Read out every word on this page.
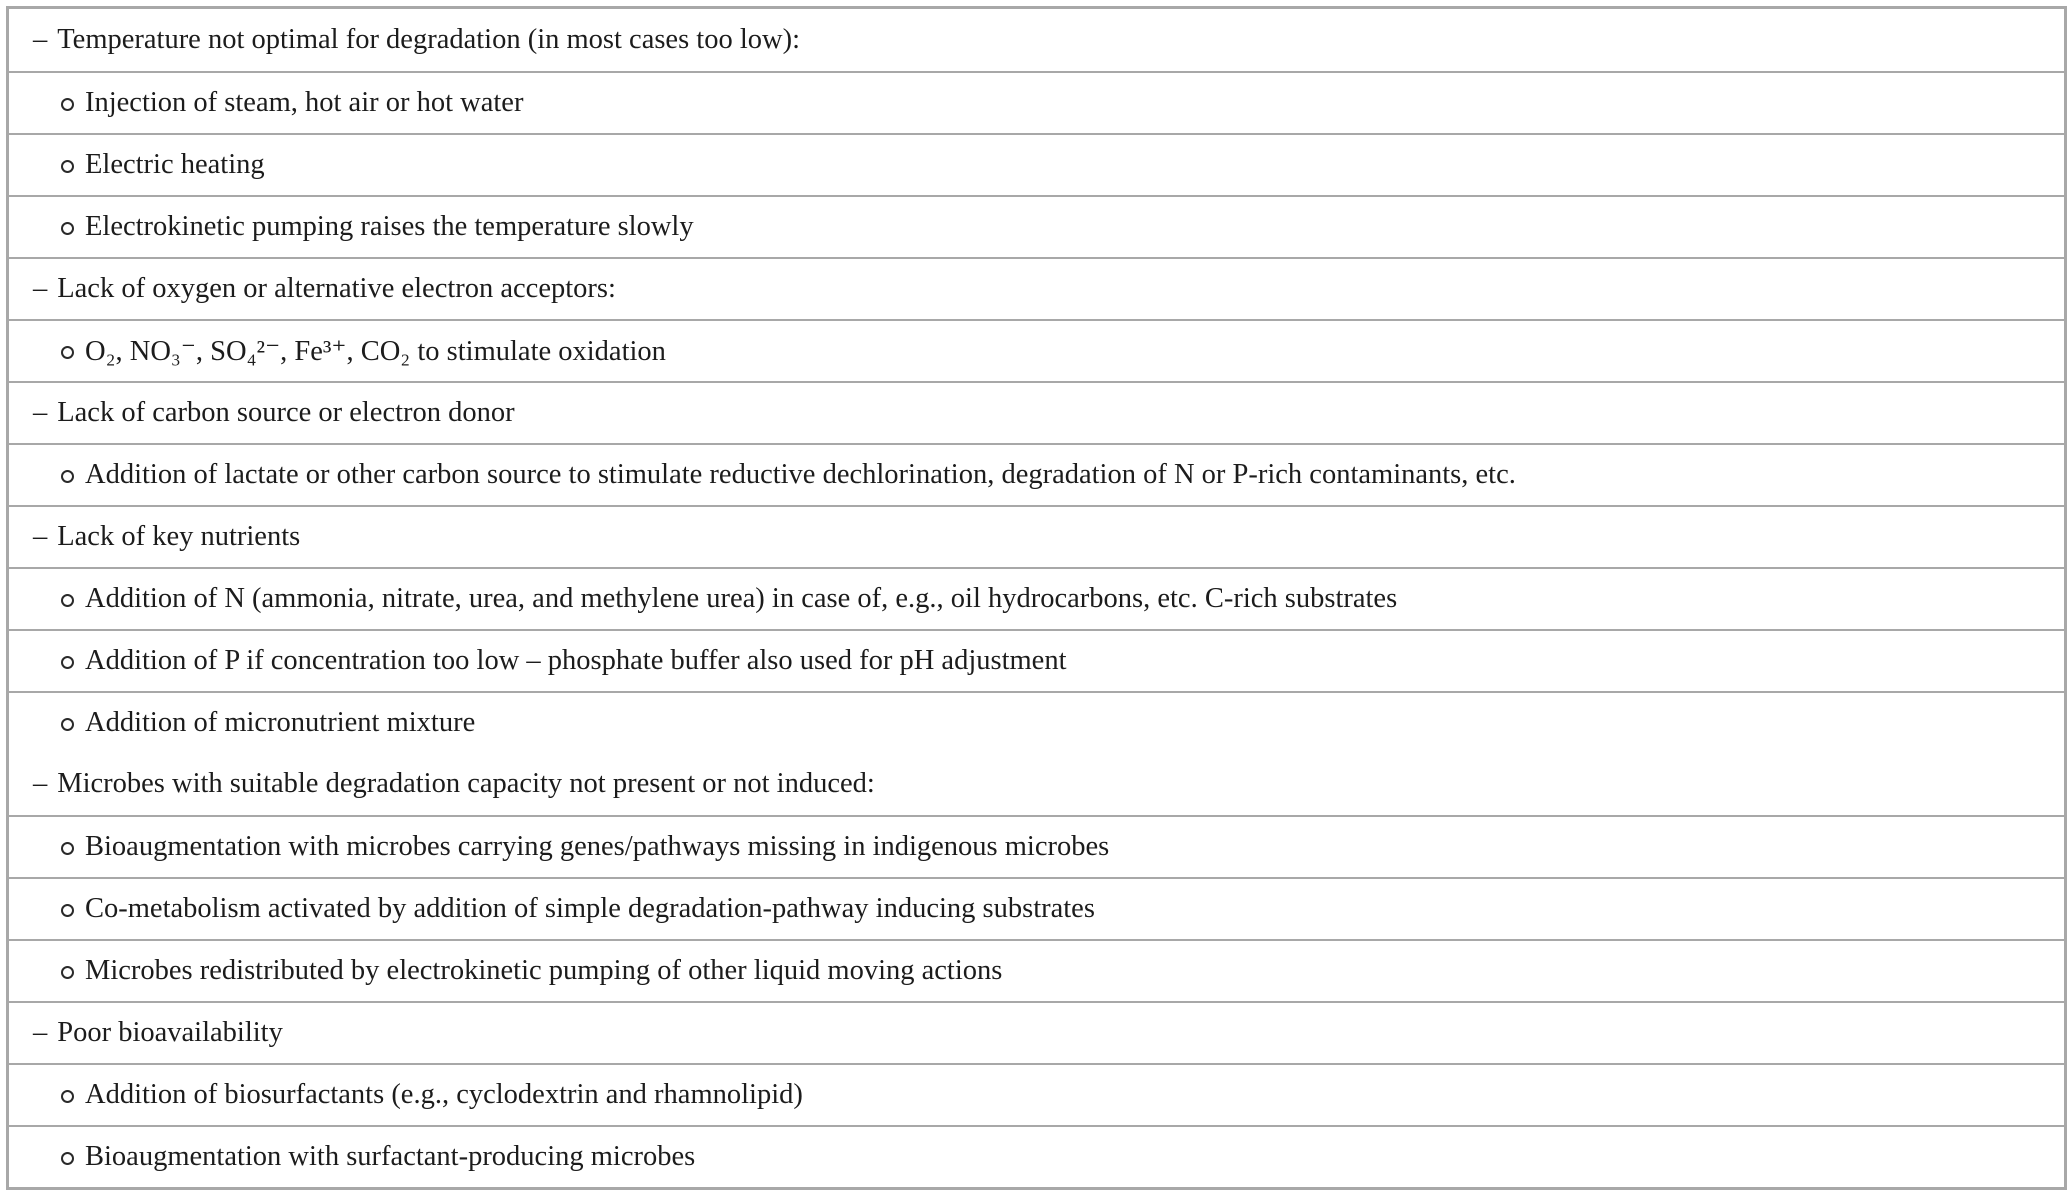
– Temperature not optimal for degradation (in most cases too low):
Injection of steam, hot air or hot water
Electric heating
Electrokinetic pumping raises the temperature slowly
– Lack of oxygen or alternative electron acceptors:
O₂, NO₃⁻, SO₄²⁻, Fe³⁺, CO₂ to stimulate oxidation
– Lack of carbon source or electron donor
Addition of lactate or other carbon source to stimulate reductive dechlorination, degradation of N or P-rich contaminants, etc.
– Lack of key nutrients
Addition of N (ammonia, nitrate, urea, and methylene urea) in case of, e.g., oil hydrocarbons, etc. C-rich substrates
Addition of P if concentration too low – phosphate buffer also used for pH adjustment
Addition of micronutrient mixture
– Microbes with suitable degradation capacity not present or not induced:
Bioaugmentation with microbes carrying genes/pathways missing in indigenous microbes
Co-metabolism activated by addition of simple degradation-pathway inducing substrates
Microbes redistributed by electrokinetic pumping of other liquid moving actions
– Poor bioavailability
Addition of biosurfactants (e.g., cyclodextrin and rhamnolipid)
Bioaugmentation with surfactant-producing microbes
